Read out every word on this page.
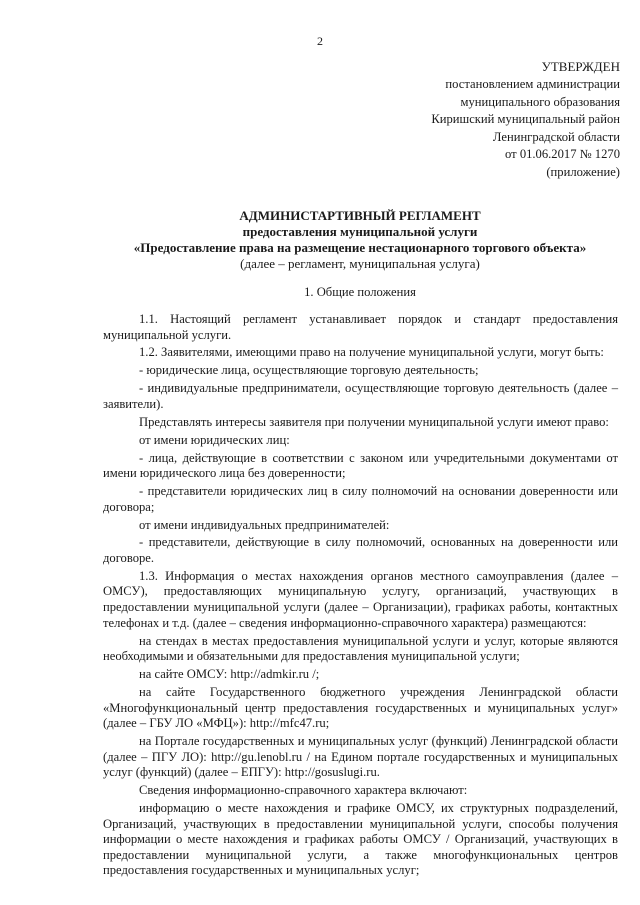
2
УТВЕРЖДЕН
постановлением администрации
муниципального образования
Киришский муниципальный район
Ленинградской области
от 01.06.2017 № 1270
(приложение)
АДМИНИСТАРТИВНЫЙ РЕГЛАМЕНТ
предоставления муниципальной услуги
«Предоставление права на размещение нестационарного торгового объекта»
(далее – регламент, муниципальная услуга)
1. Общие положения

1.1. Настоящий регламент устанавливает порядок и стандарт предоставления муниципальной услуги.

1.2. Заявителями, имеющими право на получение муниципальной услуги, могут быть:

- юридические лица, осуществляющие торговую деятельность;

- индивидуальные предприниматели, осуществляющие торговую деятельность (далее – заявители).

Представлять интересы заявителя при получении муниципальной услуги имеют право:

от имени юридических лиц:

- лица, действующие в соответствии с законом или учредительными документами от имени юридического лица без доверенности;

- представители юридических лиц в силу полномочий на основании доверенности или договора;

от имени индивидуальных предпринимателей:

- представители, действующие в силу полномочий, основанных на доверенности или договоре.

1.3. Информация о местах нахождения органов местного самоуправления (далее – ОМСУ), предоставляющих муниципальную услугу, организаций, участвующих в предоставлении муниципальной услуги (далее – Организации), графиках работы, контактных телефонах и т.д. (далее – сведения информационно-справочного характера) размещаются:

на стендах в местах предоставления муниципальной услуги и услуг, которые являются необходимыми и обязательными для предоставления муниципальной услуги;

на сайте ОМСУ: http://admkir.ru /;

на сайте Государственного бюджетного учреждения Ленинградской области «Многофункциональный центр предоставления государственных и муниципальных услуг» (далее – ГБУ ЛО «МФЦ»): http://mfc47.ru;

на Портале государственных и муниципальных услуг (функций) Ленинградской области (далее – ПГУ ЛО): http://gu.lenobl.ru / на Едином портале государственных и муниципальных услуг (функций) (далее – ЕПГУ): http://gosuslugi.ru.

Сведения информационно-справочного характера включают:

информацию о месте нахождения и графике ОМСУ, их структурных подразделений, Организаций, участвующих в предоставлении муниципальной услуги, способы получения информации о месте нахождения и графиках работы ОМСУ / Организаций, участвующих в предоставлении муниципальной услуги, а также многофункциональных центров предоставления государственных и муниципальных услуг;
